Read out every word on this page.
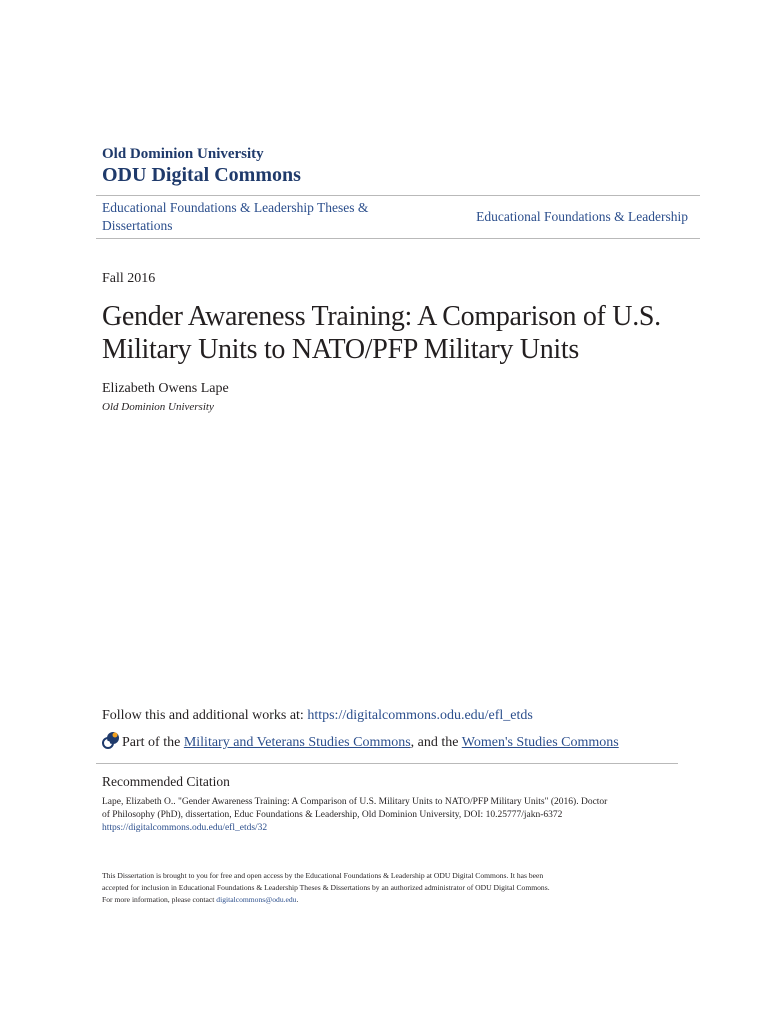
Old Dominion University
ODU Digital Commons
Educational Foundations & Leadership Theses &
Dissertations
Educational Foundations & Leadership
Fall 2016
Gender Awareness Training: A Comparison of U.S.
Military Units to NATO/PFP Military Units
Elizabeth Owens Lape
Old Dominion University
Follow this and additional works at: https://digitalcommons.odu.edu/efl_etds
Part of the Military and Veterans Studies Commons, and the Women's Studies Commons
Recommended Citation
Lape, Elizabeth O.. "Gender Awareness Training: A Comparison of U.S. Military Units to NATO/PFP Military Units" (2016). Doctor
of Philosophy (PhD), dissertation, Educ Foundations & Leadership, Old Dominion University, DOI: 10.25777/jakn-6372
https://digitalcommons.odu.edu/efl_etds/32
This Dissertation is brought to you for free and open access by the Educational Foundations & Leadership at ODU Digital Commons. It has been
accepted for inclusion in Educational Foundations & Leadership Theses & Dissertations by an authorized administrator of ODU Digital Commons.
For more information, please contact digitalcommons@odu.edu.
